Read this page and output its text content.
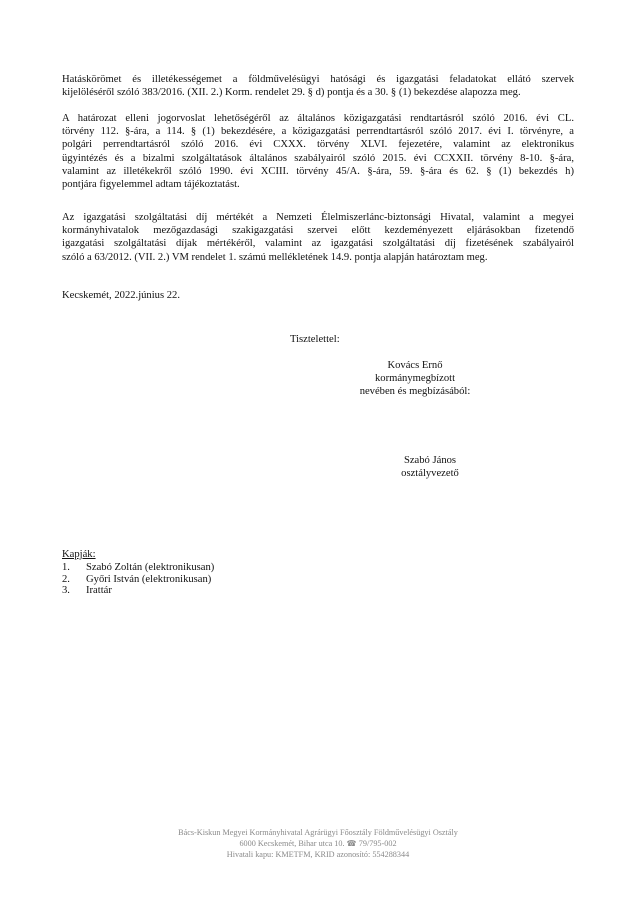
Hatáskörömet és illetékességemet a földművelésügyi hatósági és igazgatási feladatokat ellátó szervek
kijelöléséről szóló 383/2016. (XII. 2.) Korm. rendelet 29. § d) pontja és a 30. § (1) bekezdése alapozza meg.

A határozat elleni jogorvoslat lehetőségéről az általános közigazgatási rendtartásról szóló 2016. évi CL.
törvény 112. §-ára, a 114. § (1) bekezdésére, a közigazgatási perrendtartásról szóló 2017. évi I. törvényre, a
polgári perrendtartásról szóló 2016. évi CXXX. törvény XLVI. fejezetére, valamint az elektronikus
ügyintézés és a bizalmi szolgáltatások általános szabályairól szóló 2015. évi CCXXII. törvény 8-10. §-ára,
valamint az illetékekről szóló 1990. évi XCIII. törvény 45/A. §-ára, 59. §-ára és 62. § (1) bekezdés h)
pontjára figyelemmel adtam tájékoztatást.

Az igazgatási szolgáltatási díj mértékét a Nemzeti Élelmiszerlánc-biztonsági Hivatal, valamint a megyei
kormányhivatalok mezőgazdasági szakigazgatási szervei előtt kezdeményezett eljárásokban fizetendő
igazgatási szolgáltatási díjak mértékéről, valamint az igazgatási szolgáltatási díj fizetésének szabályairól
szóló a 63/2012. (VII. 2.) VM rendelet 1. számú mellékletének 14.9. pontja alapján határoztam meg.

Kecskemét, 2022.június 22.

Tisztelettel:

Kovács Ernő
kormánymegbízott
nevében és megbízásából:
Szabó János
osztályvezető

Kapják:

1.	Szabó Zoltán (elektronikusan)
2.	Győri István (elektronikusan)
3.	Irattár
Bács-Kiskun Megyei Kormányhivatal Agrárügyi Főosztály Földművelésügyi Osztály
6000 Kecskemét, Bihar utca 10. ☎ 79/795-002
Hivatali kapu: KMETFM, KRID azonosító: 554288344
